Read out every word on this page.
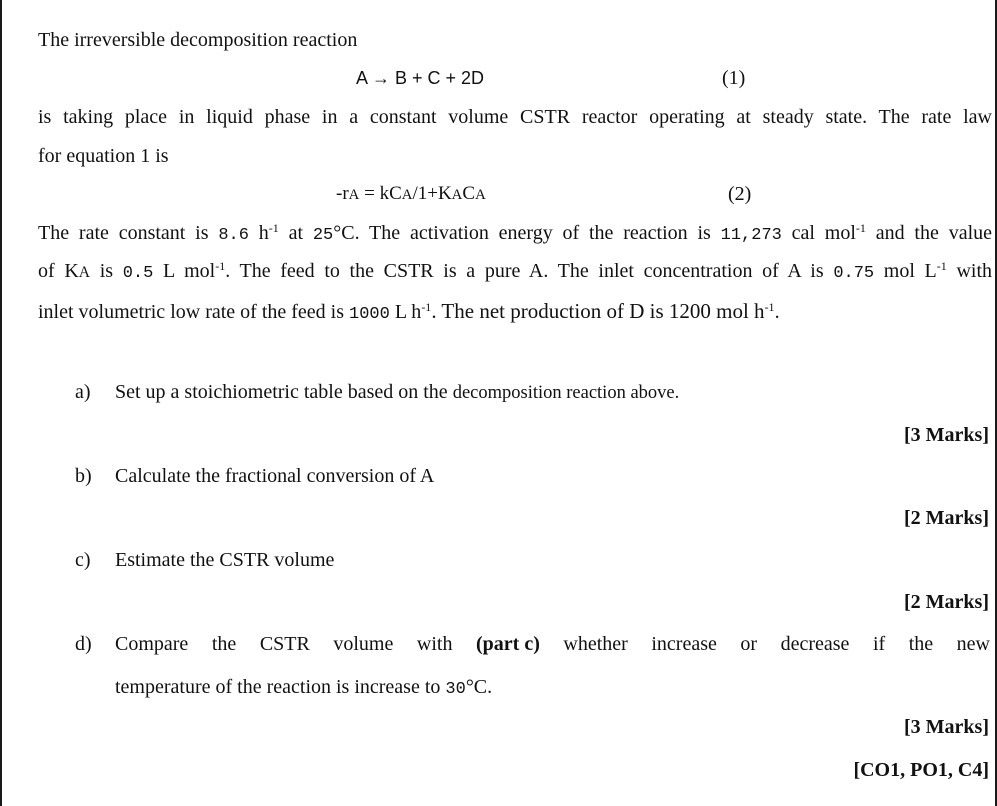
The irreversible decomposition reaction
A → B + C + 2D	(1)
is taking place in liquid phase in a constant volume CSTR reactor operating at steady state. The rate law
for equation 1 is
-rA = kCA/1+KACA	(2)
The rate constant is 8.6 $h^{-1}$ at 25°C. The activation energy of the reaction is 11,273 cal mol$^{-1}$ and the value
of KA is 0.5 L mol$^{-1}$. The feed to the CSTR is a pure A. The inlet concentration of A is 0.75 mol $L^{-1}$ with
inlet volumetric low rate of the feed is 1000 L $h^{-1}$. The net production of D is 1200 mol $h^{-1}$.
a) Set up a stoichiometric table based on the decomposition reaction above.
[3 Marks]
b) Calculate the fractional conversion of A
[2 Marks]
c) Estimate the CSTR volume
[2 Marks]
d) Compare the CSTR volume with (part c) whether increase or decrease if the new
temperature of the reaction is increase to 30°C.
[3 Marks]
[CO1, PO1, C4]
